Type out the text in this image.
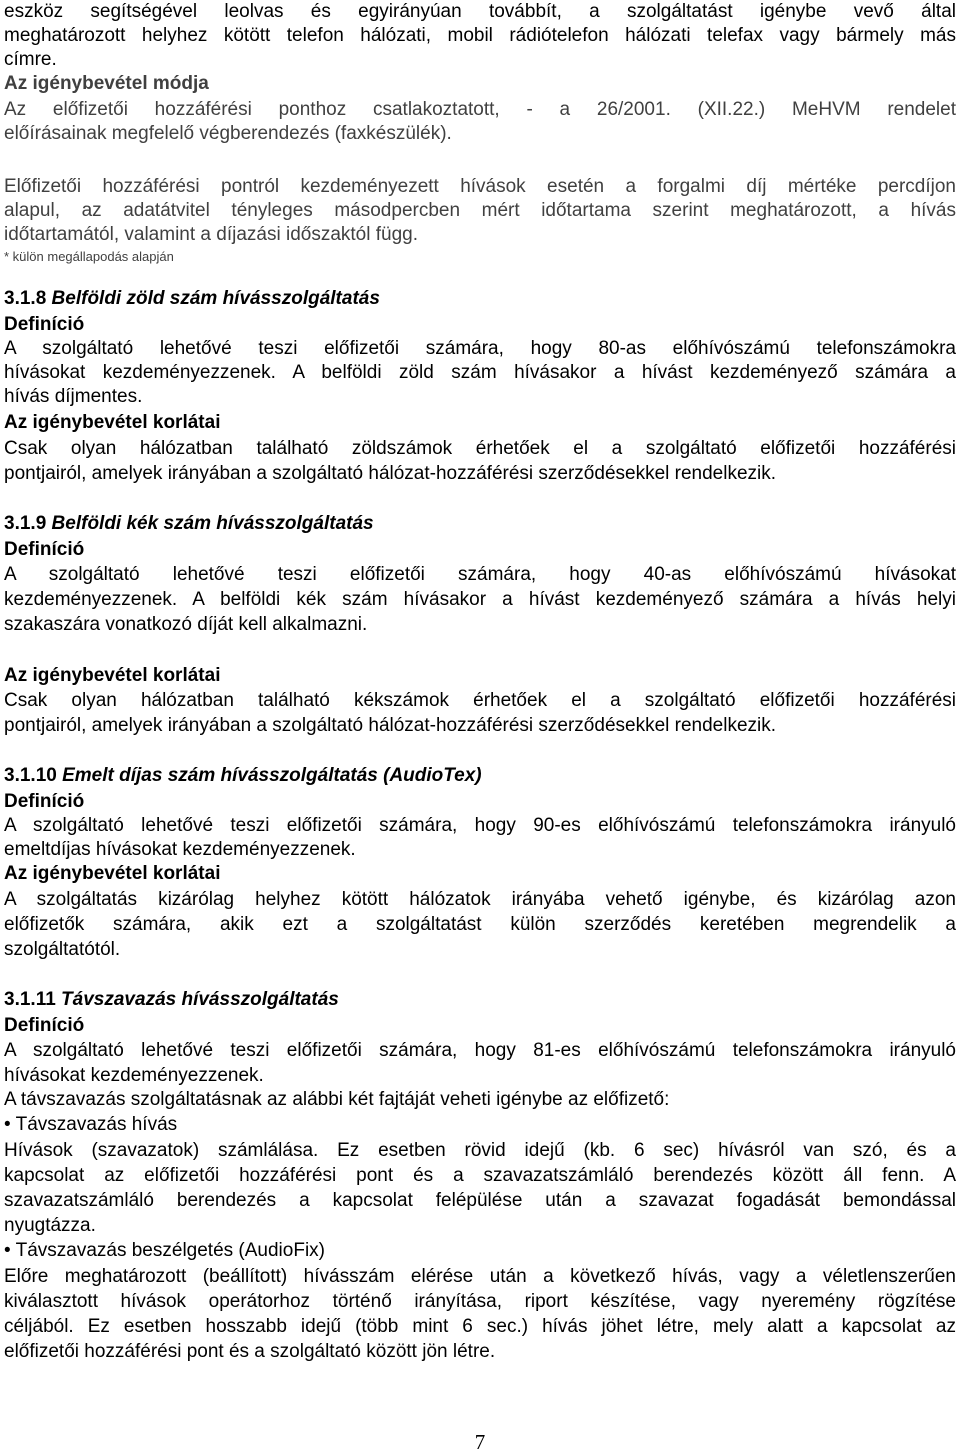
eszköz segítségével leolvas és egyirányúan továbbít, a szolgáltatást igénybe vevő által
meghatározott helyhez kötött telefon hálózati, mobil rádiótelefon hálózati telefax vagy bármely más
címre.
Az igénybevétel módja
Az előfizetői hozzáférési ponthoz csatlakoztatott, - a 26/2001. (XII.22.) MeHVM rendelet
előírásainak megfelelő végberendezés (faxkészülék).
Előfizetői hozzáférési pontról kezdeményezett hívások esetén a forgalmi díj mértéke percdíjon
alapul, az adatátvitel tényleges másodpercben mért időtartama szerint meghatározott, a hívás
időtartamától, valamint a díjazási időszaktól függ.
* külön megállapodás alapján
3.1.8 Belföldi zöld szám hívásszolgáltatás
Definíció
A szolgáltató lehetővé teszi előfizetői számára, hogy 80-as előhívószámú telefonszámokra
hívásokat kezdeményezzenek. A belföldi zöld szám hívásakor a hívást kezdeményező számára a
hívás díjmentes.
Az igénybevétel korlátai
Csak olyan hálózatban található zöldszámok érhetőek el a szolgáltató előfizetői hozzáférési
pontjairól, amelyek irányában a szolgáltató hálózat-hozzáférési szerződésekkel rendelkezik.
3.1.9 Belföldi kék szám hívásszolgáltatás
Definíció
A szolgáltató lehetővé teszi előfizetői számára, hogy 40-as előhívószámú hívásokat
kezdeményezzenek. A belföldi kék szám hívásakor a hívást kezdeményező számára a hívás helyi
szakaszára vonatkozó díját kell alkalmazni.
Az igénybevétel korlátai
Csak olyan hálózatban található kékszámok érhetőek el a szolgáltató előfizetői hozzáférési
pontjairól, amelyek irányában a szolgáltató hálózat-hozzáférési szerződésekkel rendelkezik.
3.1.10 Emelt díjas szám hívásszolgáltatás (AudioTex)
Definíció
A szolgáltató lehetővé teszi előfizetői számára, hogy 90-es előhívószámú telefonszámokra irányuló
emeltdíjas hívásokat kezdeményezzenek.
Az igénybevétel korlátai
A szolgáltatás kizárólag helyhez kötött hálózatok irányába vehető igénybe, és kizárólag azon
előfizetők számára, akik ezt a szolgáltatást külön szerződés keretében megrendelik a
szolgáltatótól.
3.1.11 Távszavazás hívásszolgáltatás
Definíció
A szolgáltató lehetővé teszi előfizetői számára, hogy 81-es előhívószámú telefonszámokra irányuló
hívásokat kezdeményezzenek.
A távszavazás szolgáltatásnak az alábbi két fajtáját veheti igénybe az előfizető:
• Távszavazás hívás
Hívások (szavazatok) számlálása. Ez esetben rövid idejű (kb. 6 sec) hívásról van szó, és a
kapcsolat az előfizetői hozzáférési pont és a szavazatszámláló berendezés között áll fenn. A
szavazatszámláló berendezés a kapcsolat felépülése után a szavazat fogadását bemondással
nyugtázza.
• Távszavazás beszélgetés (AudioFix)
Előre meghatározott (beállított) hívásszám elérése után a következő hívás, vagy a véletlenszerűen
kiválasztott hívások operátorhoz történő irányítása, riport készítése, vagy nyeremény rögzítése
céljából. Ez esetben hosszabb idejű (több mint 6 sec.) hívás jöhet létre, mely alatt a kapcsolat az
előfizetői hozzáférési pont és a szolgáltató között jön létre.
7
